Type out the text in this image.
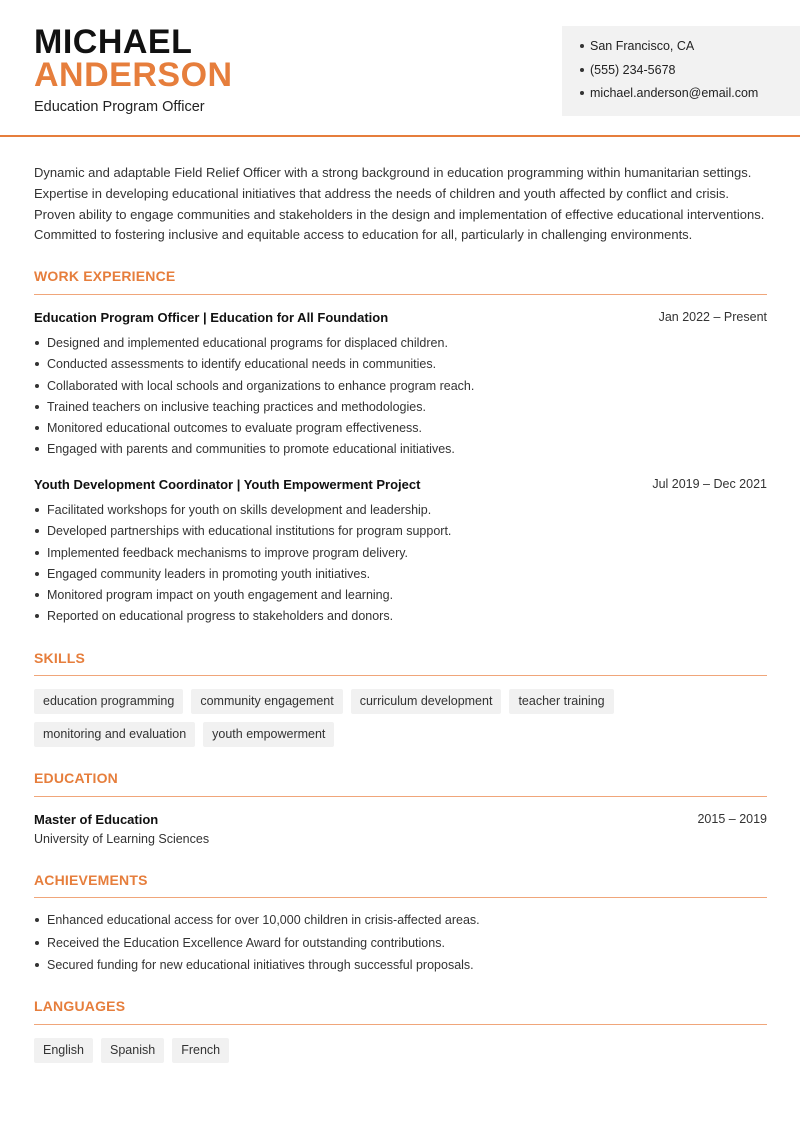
MICHAEL
ANDERSON
Education Program Officer
San Francisco, CA
(555) 234-5678
michael.anderson@email.com

Dynamic and adaptable Field Relief Officer with a strong background in education programming within humanitarian settings. Expertise in developing educational initiatives that address the needs of children and youth affected by conflict and crisis. Proven ability to engage communities and stakeholders in the design and implementation of effective educational interventions. Committed to fostering inclusive and equitable access to education for all, particularly in challenging environments.

WORK EXPERIENCE
Education Program Officer | Education for All Foundation	Jan 2022 – Present
Designed and implemented educational programs for displaced children.
Conducted assessments to identify educational needs in communities.
Collaborated with local schools and organizations to enhance program reach.
Trained teachers on inclusive teaching practices and methodologies.
Monitored educational outcomes to evaluate program effectiveness.
Engaged with parents and communities to promote educational initiatives.
Youth Development Coordinator | Youth Empowerment Project	Jul 2019 – Dec 2021
Facilitated workshops for youth on skills development and leadership.
Developed partnerships with educational institutions for program support.
Implemented feedback mechanisms to improve program delivery.
Engaged community leaders in promoting youth initiatives.
Monitored program impact on youth engagement and learning.
Reported on educational progress to stakeholders and donors.
SKILLS
education programming	community engagement	curriculum development	teacher training
monitoring and evaluation	youth empowerment
EDUCATION
Master of Education	2015 – 2019
University of Learning Sciences
ACHIEVEMENTS
Enhanced educational access for over 10,000 children in crisis-affected areas.
Received the Education Excellence Award for outstanding contributions.
Secured funding for new educational initiatives through successful proposals.
LANGUAGES
English	Spanish	French
